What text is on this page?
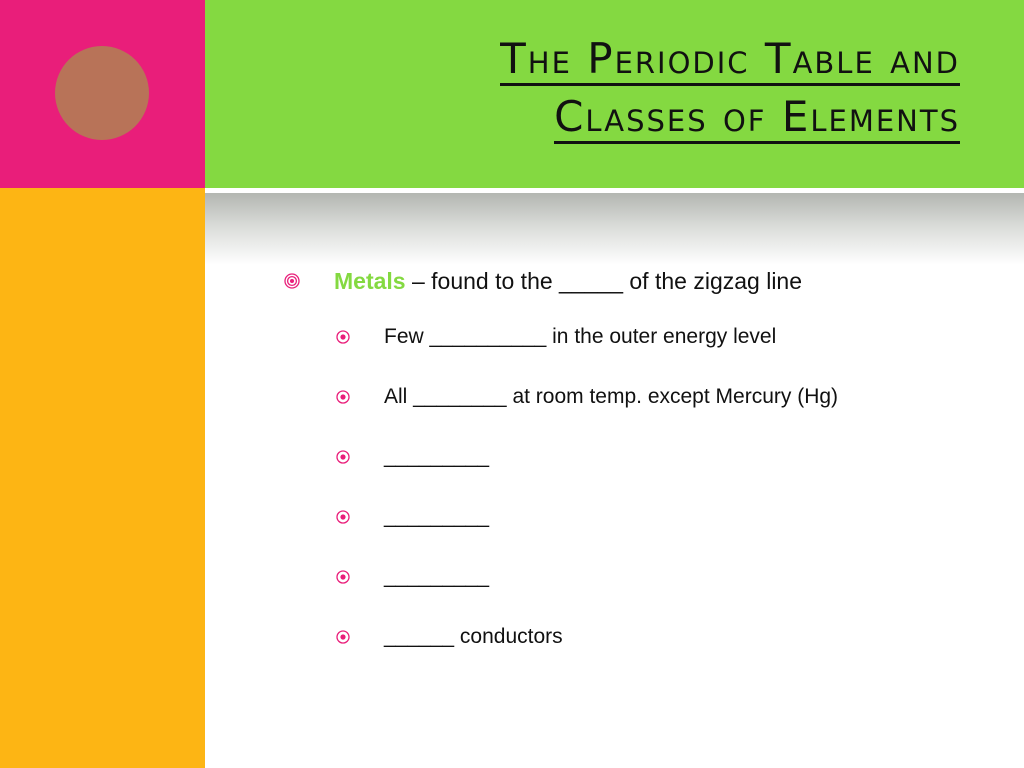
The Periodic Table and
Classes of Elements
Metals – found to the _____ of the zigzag line
Few __________ in the outer energy level
All ________ at room temp. except Mercury (Hg)
_________
_________
_________
______ conductors
